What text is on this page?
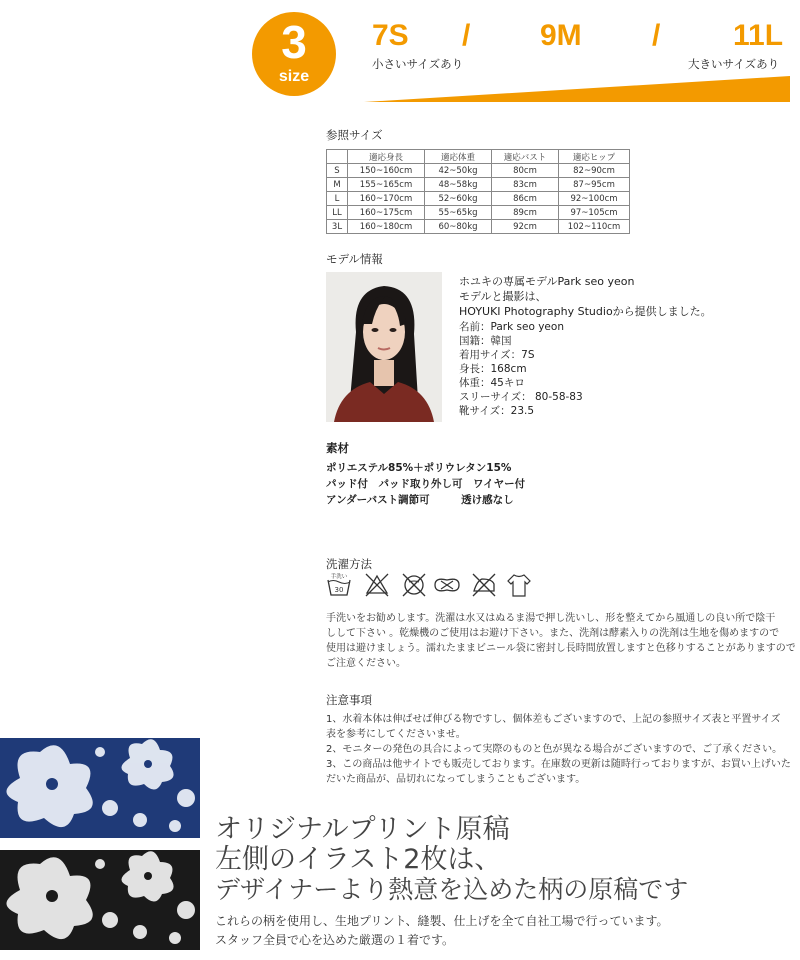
3
size
7S / 9M / 11L
小さいサイズあり	大きいサイズあり
参照サイズ
	適応身長	適応体重	適応バスト	適応ヒップ
S	150~160cm	42~50kg	80cm	82~90cm
M	155~165cm	48~58kg	83cm	87~95cm
L	160~170cm	52~60kg	86cm	92~100cm
LL	160~175cm	55~65kg	89cm	97~105cm
3L	160~180cm	60~80kg	92cm	102~110cm
モデル情報
ホユキの専属モデルPark seo yeon
モデルと撮影は、
HOYUKI Photography Studioから提供しました。
名前：Park seo yeon
国籍：韓国
着用サイズ：7S
身長：168cm
体重：45キロ
スリーサイズ： 80-58-83
靴サイズ：23.5
素材
ポリエステル85%＋ポリウレタン15%
パッド付　パッド取り外し可　ワイヤー付
アンダーバスト調節可　　　透け感なし
洗濯方法
手洗い
30
手洗いをお勧めします。洗濯は水又はぬるま湯で押し洗いし、形を整えてから風通しの良い所で陰干
しして下さい 。乾燥機のご使用はお避け下さい。また、洗剤は酵素入りの洗剤は生地を傷めますので
使用は避けましょう。濡れたままビニール袋に密封し長時間放置しますと色移りすることがありますので
ご注意ください。
注意事項
1、水着本体は伸ばせば伸びる物ですし、個体差もございますので、上記の参照サイズ表と平置サイズ
表を参考にしてくださいませ。
2、モニターの発色の具合によって実際のものと色が異なる場合がございますので、ご了承ください。
3、この商品は他サイトでも販売しております。在庫数の更新は随時行っておりますが、お買い上げいた
だいた商品が、品切れになってしまうこともございます。
オリジナルプリント原稿
左側のイラスト2枚は、
デザイナーより熱意を込めた柄の原稿です
これらの柄を使用し、生地プリント、縫製、仕上げを全て自社工場で行っています。
スタッフ全員で心を込めた厳選の１着です。
